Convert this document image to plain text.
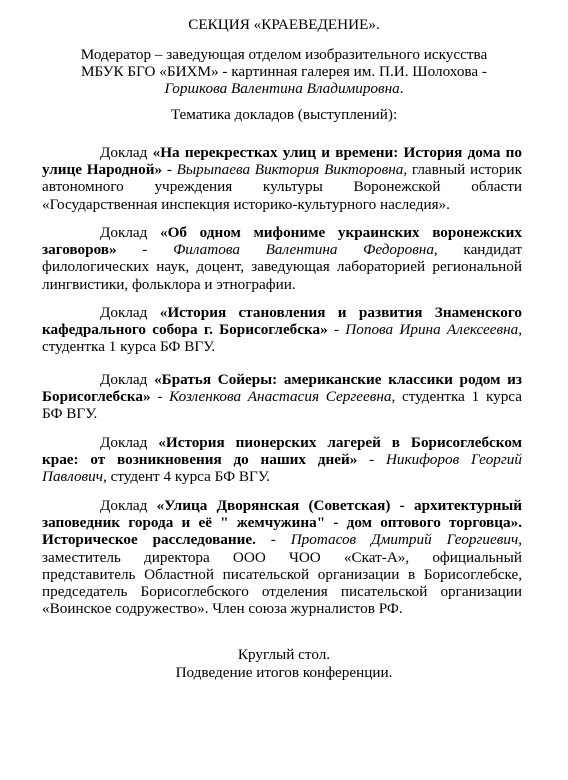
СЕКЦИЯ «КРАЕВЕДЕНИЕ».
Модератор – заведующая отделом изобразительного искусства
МБУК БГО «БИХМ» - картинная галерея им. П.И. Шолохова -
Горшкова Валентина Владимировна.
Тематика докладов (выступлений):
Доклад «На перекрестках улиц и времени: История дома по улице Народной» - Вырыпаева Виктория Викторовна, главный историк автономного учреждения культуры Воронежской области «Государственная инспекция историко-культурного наследия».
Доклад «Об одном мифониме украинских воронежских заговоров» - Филатова Валентина Федоровна, кандидат филологических наук, доцент, заведующая лабораторией региональной лингвистики, фольклора и этнографии.
Доклад «История становления и развития Знаменского кафедрального собора г. Борисоглебска» - Попова Ирина Алексеевна, студентка 1 курса БФ ВГУ.
Доклад «Братья Сойеры: американские классики родом из Борисоглебска» - Козленкова Анастасия Сергеевна, студентка 1 курса БФ ВГУ.
Доклад «История пионерских лагерей в Борисоглебском крае: от возникновения до наших дней» - Никифоров Георгий Павлович, студент 4 курса БФ ВГУ.
Доклад «Улица Дворянская (Советская) - архитектурный заповедник города и её " жемчужина" - дом оптового торговца». Историческое расследование. - Протасов Дмитрий Георгиевич, заместитель директора ООО ЧОО «Скат-А», официальный представитель Областной писательской организации в Борисоглебске, председатель Борисоглебского отделения писательской организации «Воинское содружество». Член союза журналистов РФ.
Круглый стол.
Подведение итогов конференции.
